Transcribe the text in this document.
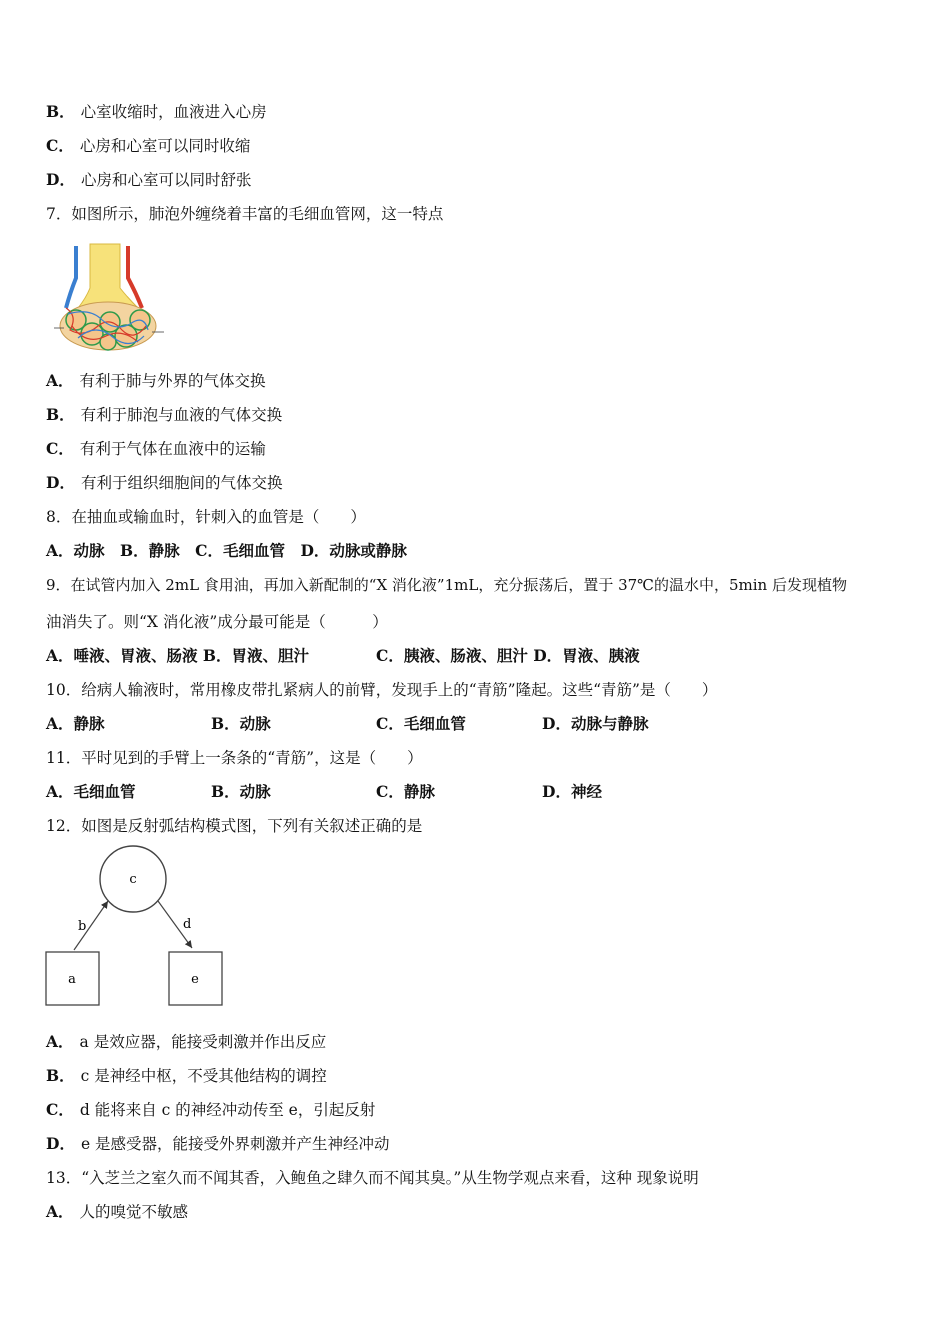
B． 心室收缩时，血液进入心房
C． 心房和心室可以同时收缩
D． 心房和心室可以同时舒张
7．如图所示，肺泡外缠绕着丰富的毛细血管网，这一特点
A． 有利于肺与外界的气体交换
B． 有利于肺泡与血液的气体交换
C． 有利于气体在血液中的运输
D． 有利于组织细胞间的气体交换
8．在抽血或输血时，针刺入的血管是（　　）
A．动脉　B．静脉　C．毛细血管　D．动脉或静脉
9．在试管内加入 2mL 食用油，再加入新配制的“X 消化液”1mL，充分振荡后，置于 37℃的温水中，5min 后发现植物
油消失了。则“X 消化液”成分最可能是（　　　）
A．唾液、胃液、肠液 B．胃液、胆汁	C．胰液、肠液、胆汁 D．胃液、胰液
10．给病人输液时，常用橡皮带扎紧病人的前臂，发现手上的“青筋”隆起。这些“青筋”是（　　）
A．静脉	B．动脉	C．毛细血管	D．动脉与静脉
11．平时见到的手臂上一条条的“青筋”，这是（　　）
A．毛细血管	B．动脉	C．静脉	D．神经
12．如图是反射弧结构模式图，下列有关叙述正确的是
c
b	d
a	e
A． a 是效应器，能接受刺激并作出反应
B． c 是神经中枢，不受其他结构的调控
C． d 能将来自 c 的神经冲动传至 e，引起反射
D． e 是感受器，能接受外界刺激并产生神经冲动
13．“入芝兰之室久而不闻其香，入鲍鱼之肆久而不闻其臭。”从生物学观点来看，这种 现象说明
A． 人的嗅觉不敏感
